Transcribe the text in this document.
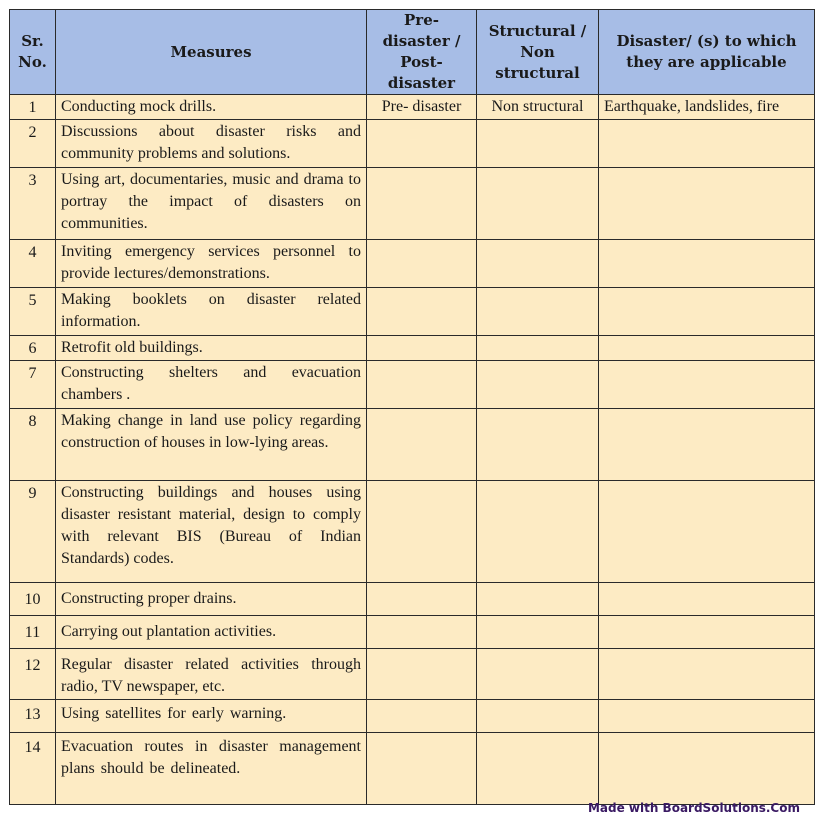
Sr. No.	Measures	Pre-disaster / Post-disaster	Structural / Non structural	Disaster/ (s) to which they are applicable
1	Conducting mock drills.	Pre- disaster	Non structural	Earthquake, landslides, fire
2	Discussions about disaster risks and community problems and solutions.			
3	Using art, documentaries, music and drama to portray the impact of disasters on communities.			
4	Inviting emergency services personnel to provide lectures/demonstrations.			
5	Making booklets on disaster related information.			
6	Retrofit old buildings.			
7	Constructing shelters and evacuation chambers .			
8	Making change in land use policy regarding construction of houses in low-lying areas.			
9	Constructing buildings and houses using disaster resistant material, design to comply with relevant BIS (Bureau of Indian Standards) codes.			
10	Constructing proper drains.			
11	Carrying out plantation activities.			
12	Regular disaster related activities through radio, TV newspaper, etc.			
13	Using satellites for early warning.			
14	Evacuation routes in disaster management plans should be delineated.			
Made with BoardSolutions.Com
